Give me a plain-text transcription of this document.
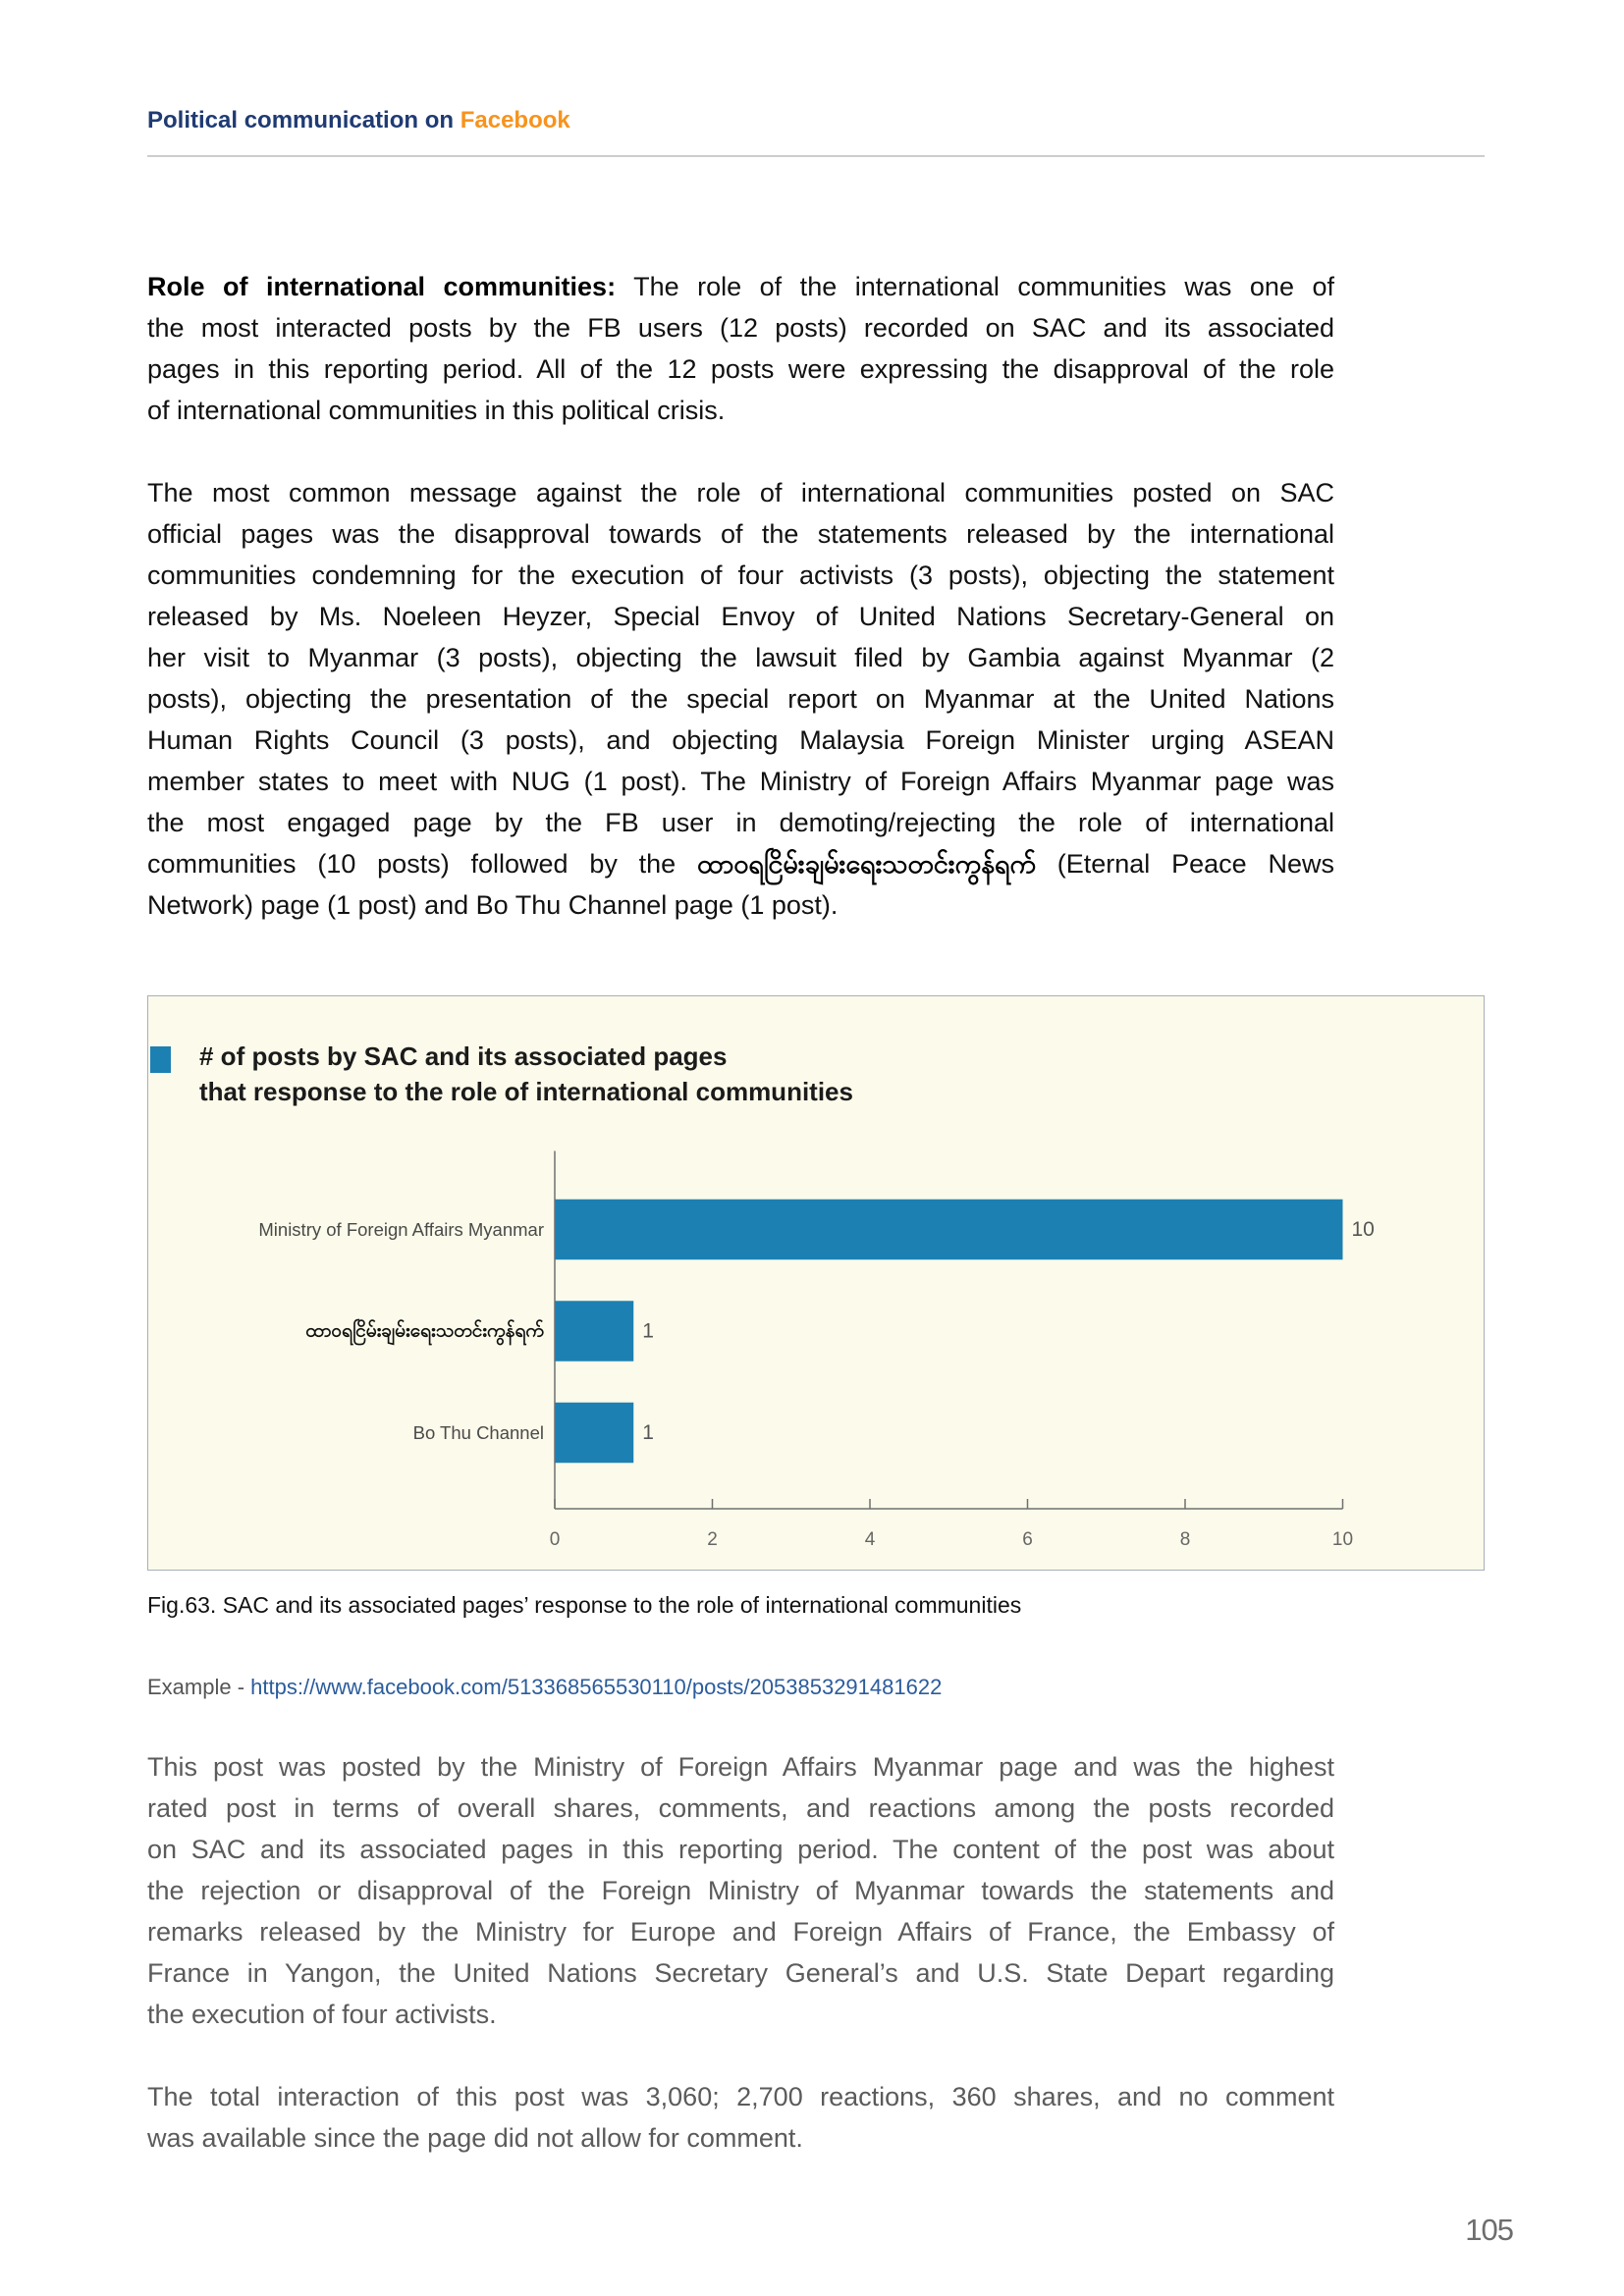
Political communication on Facebook
Role of international communities: The role of the international communities was one of
the most interacted posts by the FB users (12 posts) recorded on SAC and its associated
pages in this reporting period. All of the 12 posts were expressing the disapproval of the role
of international communities in this political crisis.
The most common message against the role of international communities posted on SAC
official pages was the disapproval towards of the statements released by the international
communities condemning for the execution of four activists (3 posts), objecting the statement
released by Ms. Noeleen Heyzer, Special Envoy of United Nations Secretary-General on
her visit to Myanmar (3 posts), objecting the lawsuit filed by Gambia against Myanmar (2
posts), objecting the presentation of the special report on Myanmar at the United Nations
Human Rights Council (3 posts), and objecting Malaysia Foreign Minister urging ASEAN
member states to meet with NUG (1 post). The Ministry of Foreign Affairs Myanmar page was
the most engaged page by the FB user in demoting/rejecting the role of international
communities (10 posts) followed by the ထာဝရငြိမ်းချမ်းရေးသတင်းကွန်ရက် (Eternal Peace News
Network) page (1 post) and Bo Thu Channel page (1 post).
Ministry of Foreign Affairs Myanmar	10
ထာဝရငြိမ်းချမ်းရေးသတင်းကွန်ရက်	1
Bo Thu Channel	1
0	2	4	6	8	10
# of posts by SAC and its associated pages
that response to the role of international communities
Fig.63. SAC and its associated pages’ response to the role of international communities
Example - https://www.facebook.com/513368565530110/posts/2053853291481622
This post was posted by the Ministry of Foreign Affairs Myanmar page and was the highest
rated post in terms of overall shares, comments, and reactions among the posts recorded
on SAC and its associated pages in this reporting period. The content of the post was about
the rejection or disapproval of the Foreign Ministry of Myanmar towards the statements and
remarks released by the Ministry for Europe and Foreign Affairs of France, the Embassy of
France in Yangon, the United Nations Secretary General’s and U.S. State Depart regarding
the execution of four activists.
The total interaction of this post was 3,060; 2,700 reactions, 360 shares, and no comment
was available since the page did not allow for comment.
105
